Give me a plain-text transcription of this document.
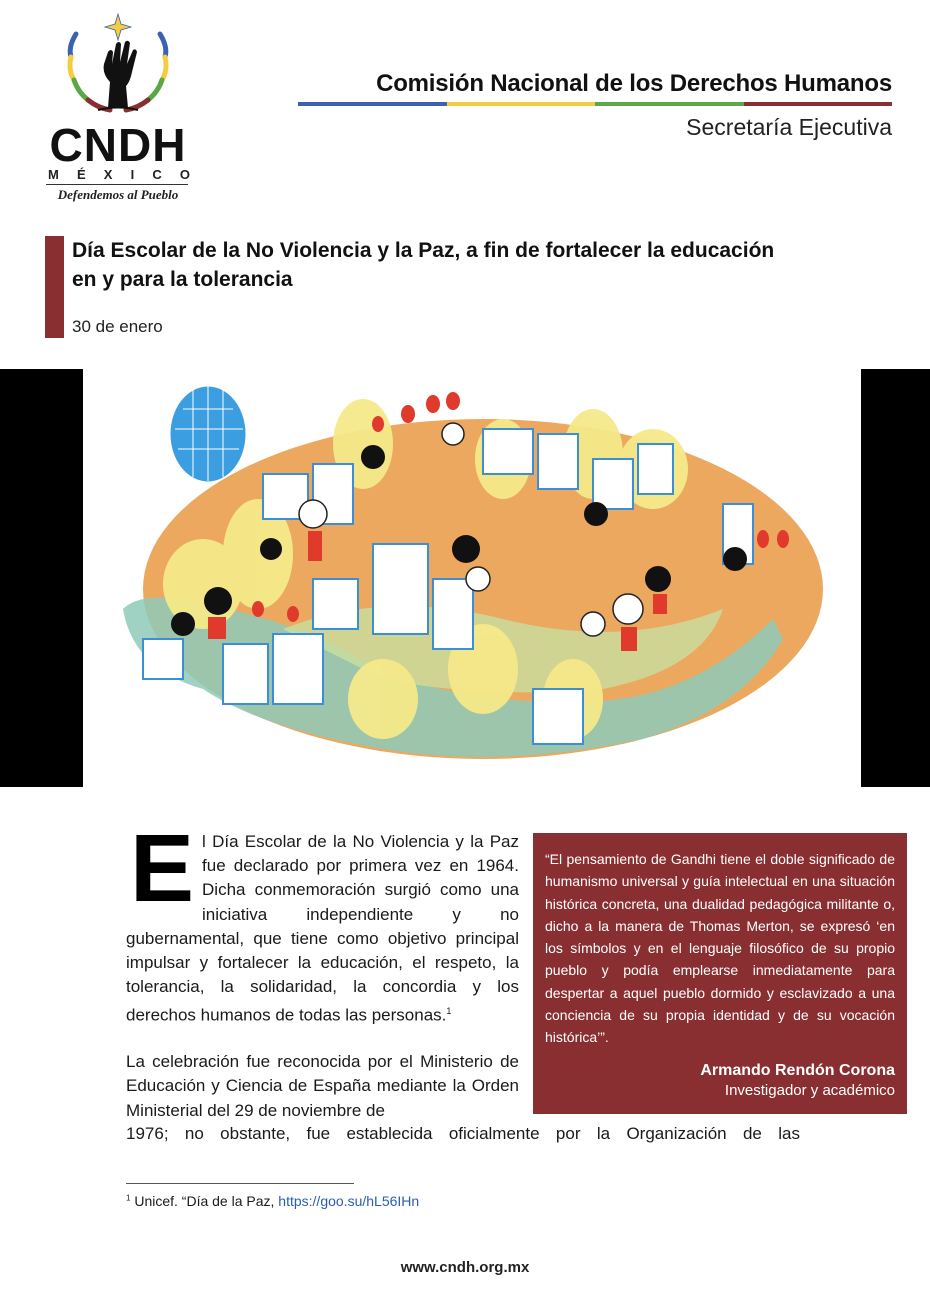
CNDH
M É X I C O
Defendemos al Pueblo
Comisión Nacional de los Derechos Humanos
Secretaría Ejecutiva
Día Escolar de la No Violencia y la Paz, a fin de fortalecer la educación en y para la tolerancia
30 de enero
E l Día Escolar de la No Violencia y la Paz fue declarado por primera vez en 1964. Dicha conmemoración surgió como una iniciativa independiente y no gubernamental, que tiene como objetivo principal impulsar y fortalecer la educación, el respeto, la tolerancia, la solidaridad, la concordia y los derechos humanos de todas las personas.$^1$
La celebración fue reconocida por el Ministerio de Educación y Ciencia de España mediante la Orden Ministerial del 29 de noviembre de
1976; no obstante, fue establecida oficialmente por la Organización de las
“El pensamiento de Gandhi tiene el doble significado de humanismo universal y guía intelectual en una situación histórica concreta, una dualidad pedagógica militante o, dicho a la manera de Thomas Merton, se expresó ‘en los símbolos y en el lenguaje filosófico de su propio pueblo y podía emplearse inmediatamente para despertar a aquel pueblo dormido y esclavizado a una conciencia de su propia identidad y de su vocación histórica’”.
Armando Rendón Corona
Investigador y académico
$^1$ Unicef. “Día de la Paz, https://goo.su/hL56IHn
www.cndh.org.mx
